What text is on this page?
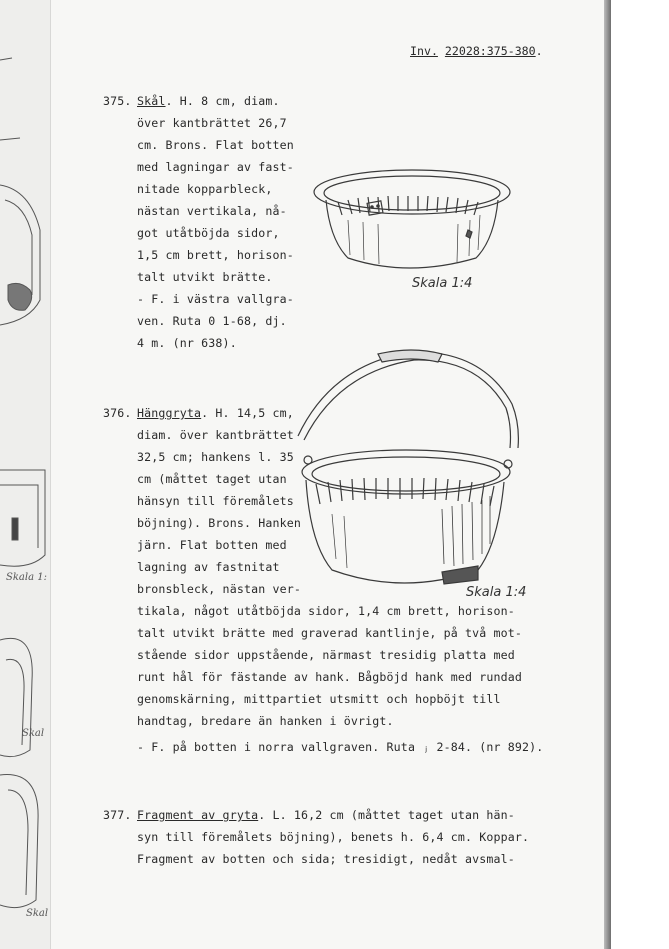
Skala 1:
Skal
Skal
Inv. 22028:375-380.
375. Skål. H. 8 cm, diam.
över kantbrättet 26,7
cm. Brons. Flat botten
med lagningar av fast-
nitade kopparbleck,
nästan vertikala, nå-
got utåtböjda sidor,
1,5 cm brett, horison-
talt utvikt brätte.
- F. i västra vallgra-
ven. Ruta 0 1-68, dj.
4 m. (nr 638).
Skala 1:4
376. Hänggryta. H. 14,5 cm,
diam. över kantbrättet
32,5 cm; hankens l. 35
cm (måttet taget utan
hänsyn till föremålets
böjning). Brons. Hanken
järn. Flat botten med
lagning av fastnitat
bronsbleck, nästan ver-
tikala, något utåtböjda sidor, 1,4 cm brett, horison-
talt utvikt brätte med graverad kantlinje, på två mot-
stående sidor uppstående, närmast tresidig platta med
runt hål för fästande av hank. Bågböjd hank med rundad
genomskärning, mittpartiet utsmitt och hopböjt till
handtag, bredare än hanken i övrigt.
- F. på botten i norra vallgraven. Ruta ⱼ 2-84. (nr 892).
Skala 1:4
377. Fragment av gryta. L. 16,2 cm (måttet taget utan hän-
syn till föremålets böjning), benets h. 6,4 cm. Koppar.
Fragment av botten och sida; tresidigt, nedåt avsmal-
